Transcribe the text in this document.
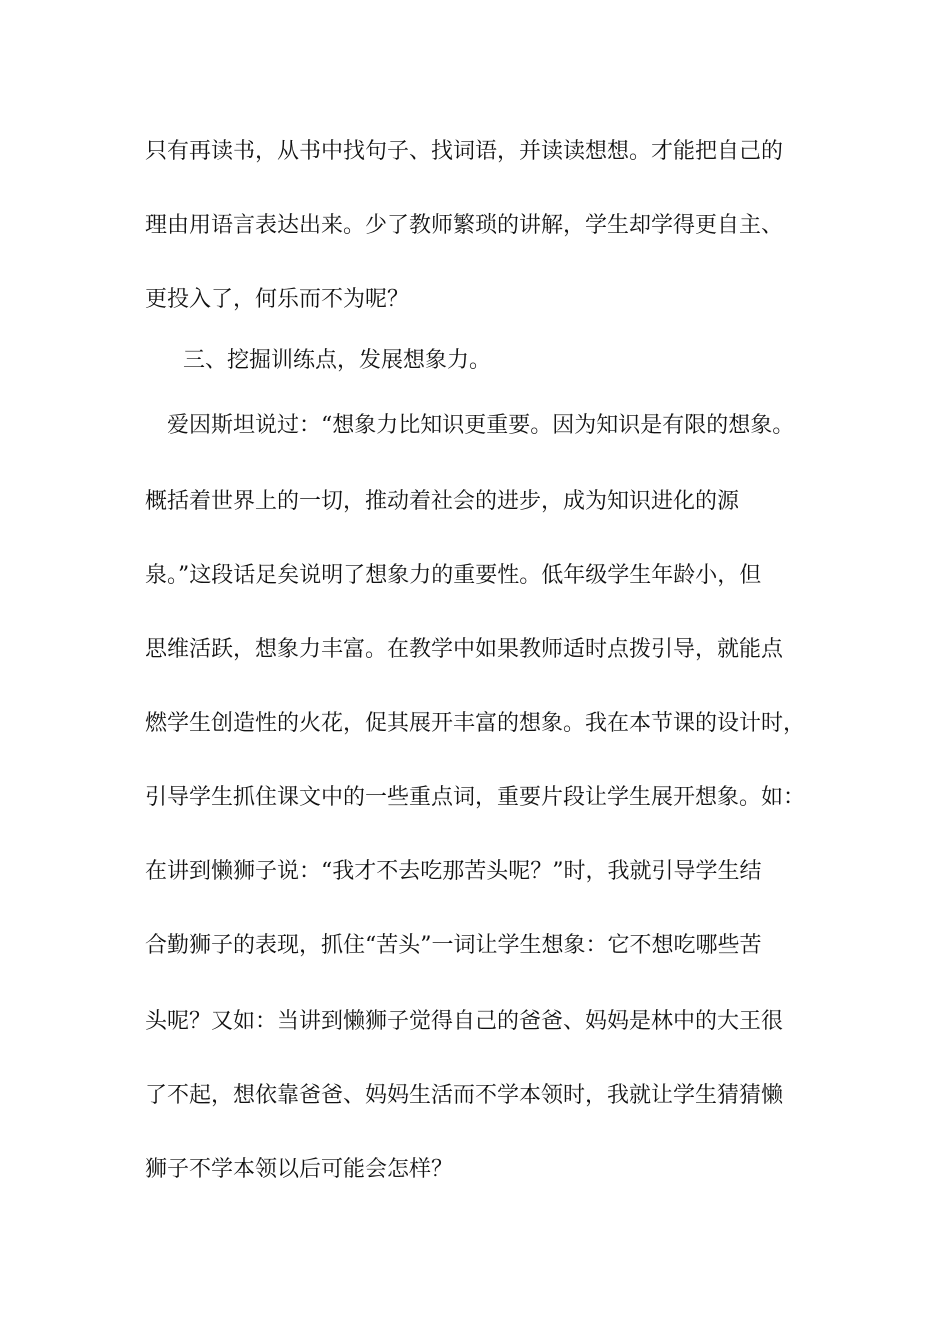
只有再读书，从书中找句子、找词语，并读读想想。才能把自己的
理由用语言表达出来。少了教师繁琐的讲解，学生却学得更自主、
更投入了，何乐而不为呢？
三、挖掘训练点，发展想象力。
爱因斯坦说过：“想象力比知识更重要。因为知识是有限的想象。
概括着世界上的一切，推动着社会的进步，成为知识进化的源
泉。”这段话足矣说明了想象力的重要性。低年级学生年龄小，但
思维活跃，想象力丰富。在教学中如果教师适时点拨引导，就能点
燃学生创造性的火花，促其展开丰富的想象。我在本节课的设计时，
引导学生抓住课文中的一些重点词，重要片段让学生展开想象。如：
在讲到懒狮子说：“我才不去吃那苦头呢？”时，我就引导学生结
合勤狮子的表现，抓住“苦头”一词让学生想象：它不想吃哪些苦
头呢？又如：当讲到懒狮子觉得自己的爸爸、妈妈是林中的大王很
了不起，想依靠爸爸、妈妈生活而不学本领时，我就让学生猜猜懒
狮子不学本领以后可能会怎样？
